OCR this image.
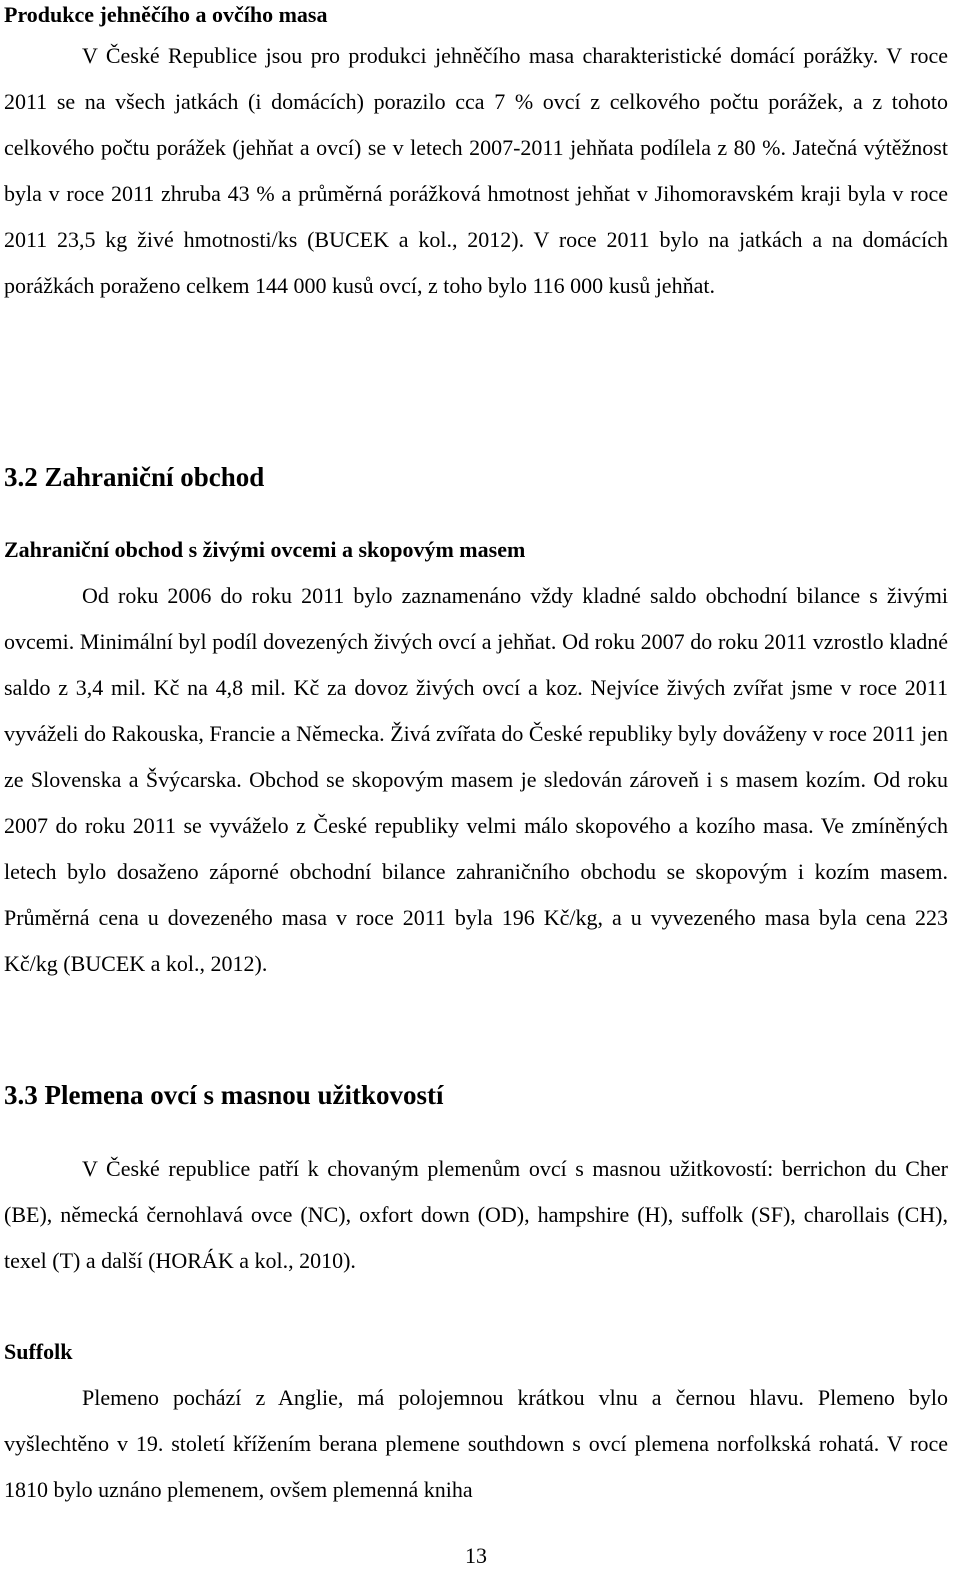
Produkce jehněčího a ovčího masa

V České Republice jsou pro produkci jehněčího masa charakteristické domácí porážky. V roce 2011 se na všech jatkách (i domácích) porazilo cca 7 % ovcí z celkového počtu porážek, a z tohoto celkového počtu porážek (jehňat a ovcí) se v letech 2007-2011 jehňata podílela z 80 %. Jatečná výtěžnost byla v roce 2011 zhruba 43 % a průměrná porážková hmotnost jehňat v Jihomoravském kraji byla v roce 2011 23,5 kg živé hmotnosti/ks (BUCEK a kol., 2012). V roce 2011 bylo na jatkách a na domácích porážkách poraženo celkem 144 000 kusů ovcí, z toho bylo 116 000 kusů jehňat.

3.2 Zahraniční obchod
Zahraniční obchod s živými ovcemi a skopovým masem

Od roku 2006 do roku 2011 bylo zaznamenáno vždy kladné saldo obchodní bilance s živými ovcemi. Minimální byl podíl dovezených živých ovcí a jehňat. Od roku 2007 do roku 2011 vzrostlo kladné saldo z 3,4 mil. Kč na 4,8 mil. Kč za dovoz živých ovcí a koz. Nejvíce živých zvířat jsme v roce 2011 vyváželi do Rakouska, Francie a Německa. Živá zvířata do České republiky byly dováženy v roce 2011 jen ze Slovenska a Švýcarska. Obchod se skopovým masem je sledován zároveň i s masem kozím. Od roku 2007 do roku 2011 se vyváželo z České republiky velmi málo skopového a kozího masa. Ve zmíněných letech bylo dosaženo záporné obchodní bilance zahraničního obchodu se skopovým i kozím masem. Průměrná cena u dovezeného masa v roce 2011 byla 196 Kč/kg, a u vyvezeného masa byla cena 223 Kč/kg (BUCEK a kol., 2012).

3.3 Plemena ovcí s masnou užitkovostí

V České republice patří k chovaným plemenům ovcí s masnou užitkovostí: berrichon du Cher (BE), německá černohlavá ovce (NC), oxfort down (OD), hampshire (H), suffolk (SF), charollais (CH), texel (T) a další (HORÁK a kol., 2010).

Suffolk

Plemeno pochází z Anglie, má polojemnou krátkou vlnu a černou hlavu. Plemeno bylo vyšlechtěno v 19. století křížením berana plemene southdown s ovcí plemena norfolkská rohatá. V roce 1810 bylo uznáno plemenem, ovšem plemenná kniha

13
